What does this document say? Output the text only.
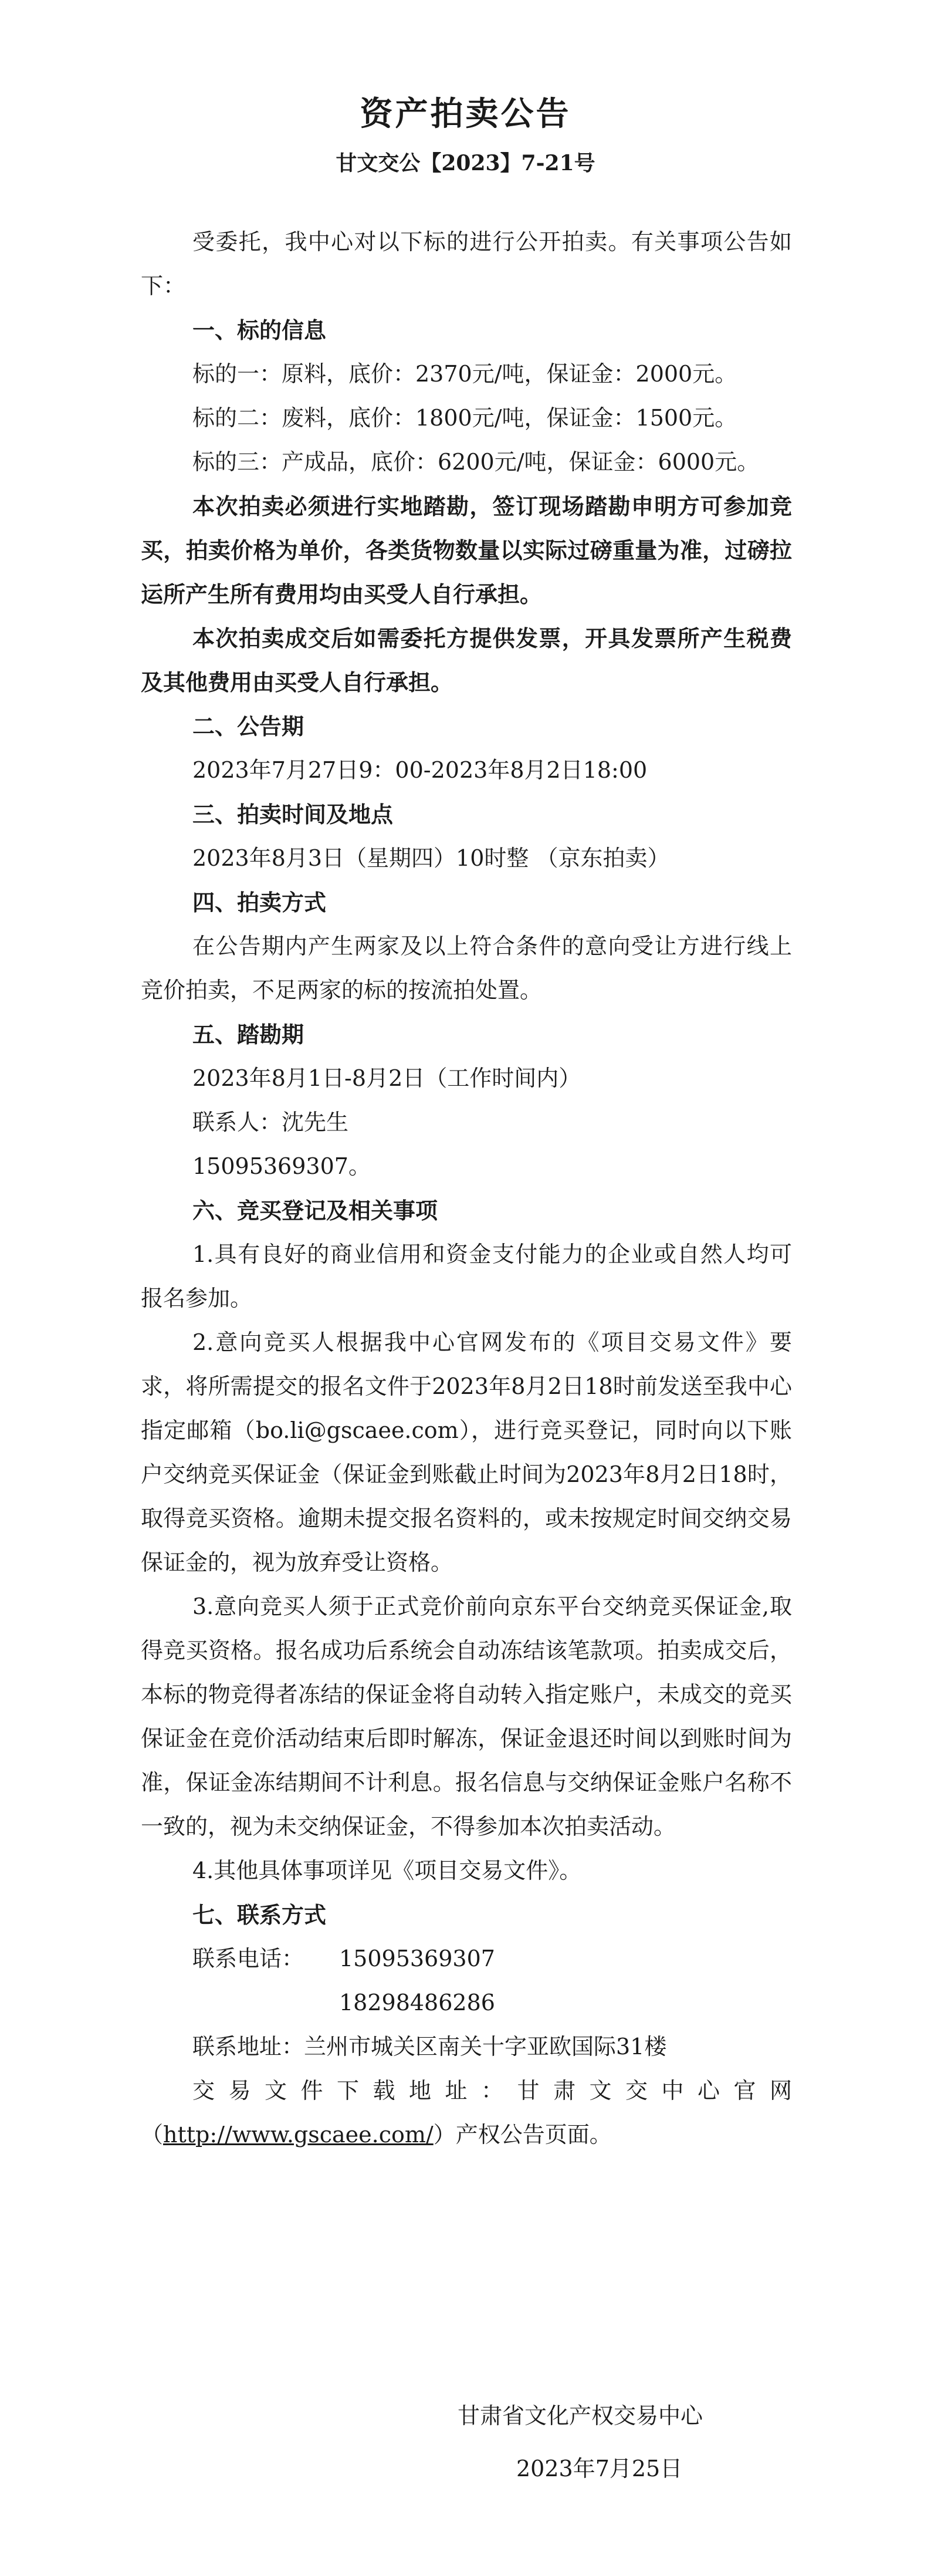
资产拍卖公告
甘文交公【2023】7-21号

受委托，我中心对以下标的进行公开拍卖。有关事项公告如下：

一、标的信息

标的一：原料，底价：2370元/吨，保证金：2000元。

标的二：废料，底价：1800元/吨，保证金：1500元。

标的三：产成品，底价：6200元/吨，保证金：6000元。

本次拍卖必须进行实地踏勘，签订现场踏勘申明方可参加竞买，拍卖价格为单价，各类货物数量以实际过磅重量为准，过磅拉运所产生所有费用均由买受人自行承担。

本次拍卖成交后如需委托方提供发票，开具发票所产生税费及其他费用由买受人自行承担。

二、公告期

2023年7月27日9：00-2023年8月2日18:00

三、拍卖时间及地点

2023年8月3日（星期四）10时整 （京东拍卖）

四、拍卖方式

在公告期内产生两家及以上符合条件的意向受让方进行线上竞价拍卖，不足两家的标的按流拍处置。

五、踏勘期

2023年8月1日-8月2日（工作时间内）

联系人：沈先生

15095369307。

六、竞买登记及相关事项

1.具有良好的商业信用和资金支付能力的企业或自然人均可报名参加。

2.意向竞买人根据我中心官网发布的《项目交易文件》要求，将所需提交的报名文件于2023年8月2日18时前发送至我中心指定邮箱（bo.li@gscaee.com），进行竞买登记，同时向以下账户交纳竞买保证金（保证金到账截止时间为2023年8月2日18时，取得竞买资格。逾期未提交报名资料的，或未按规定时间交纳交易保证金的，视为放弃受让资格。

3.意向竞买人须于正式竞价前向京东平台交纳竞买保证金,取得竞买资格。报名成功后系统会自动冻结该笔款项。拍卖成交后，本标的物竞得者冻结的保证金将自动转入指定账户，未成交的竞买保证金在竞价活动结束后即时解冻，保证金退还时间以到账时间为准，保证金冻结期间不计利息。报名信息与交纳保证金账户名称不一致的，视为未交纳保证金，不得参加本次拍卖活动。

4.其他具体事项详见《项目交易文件》。

七、联系方式

联系电话：	15095369307
18298486286

联系地址：兰州市城关区南关十字亚欧国际31楼

交易文件下载地址：甘肃文交中心官网（http://www.gscaee.com/）产权公告页面。

甘肃省文化产权交易中心
2023年7月25日
